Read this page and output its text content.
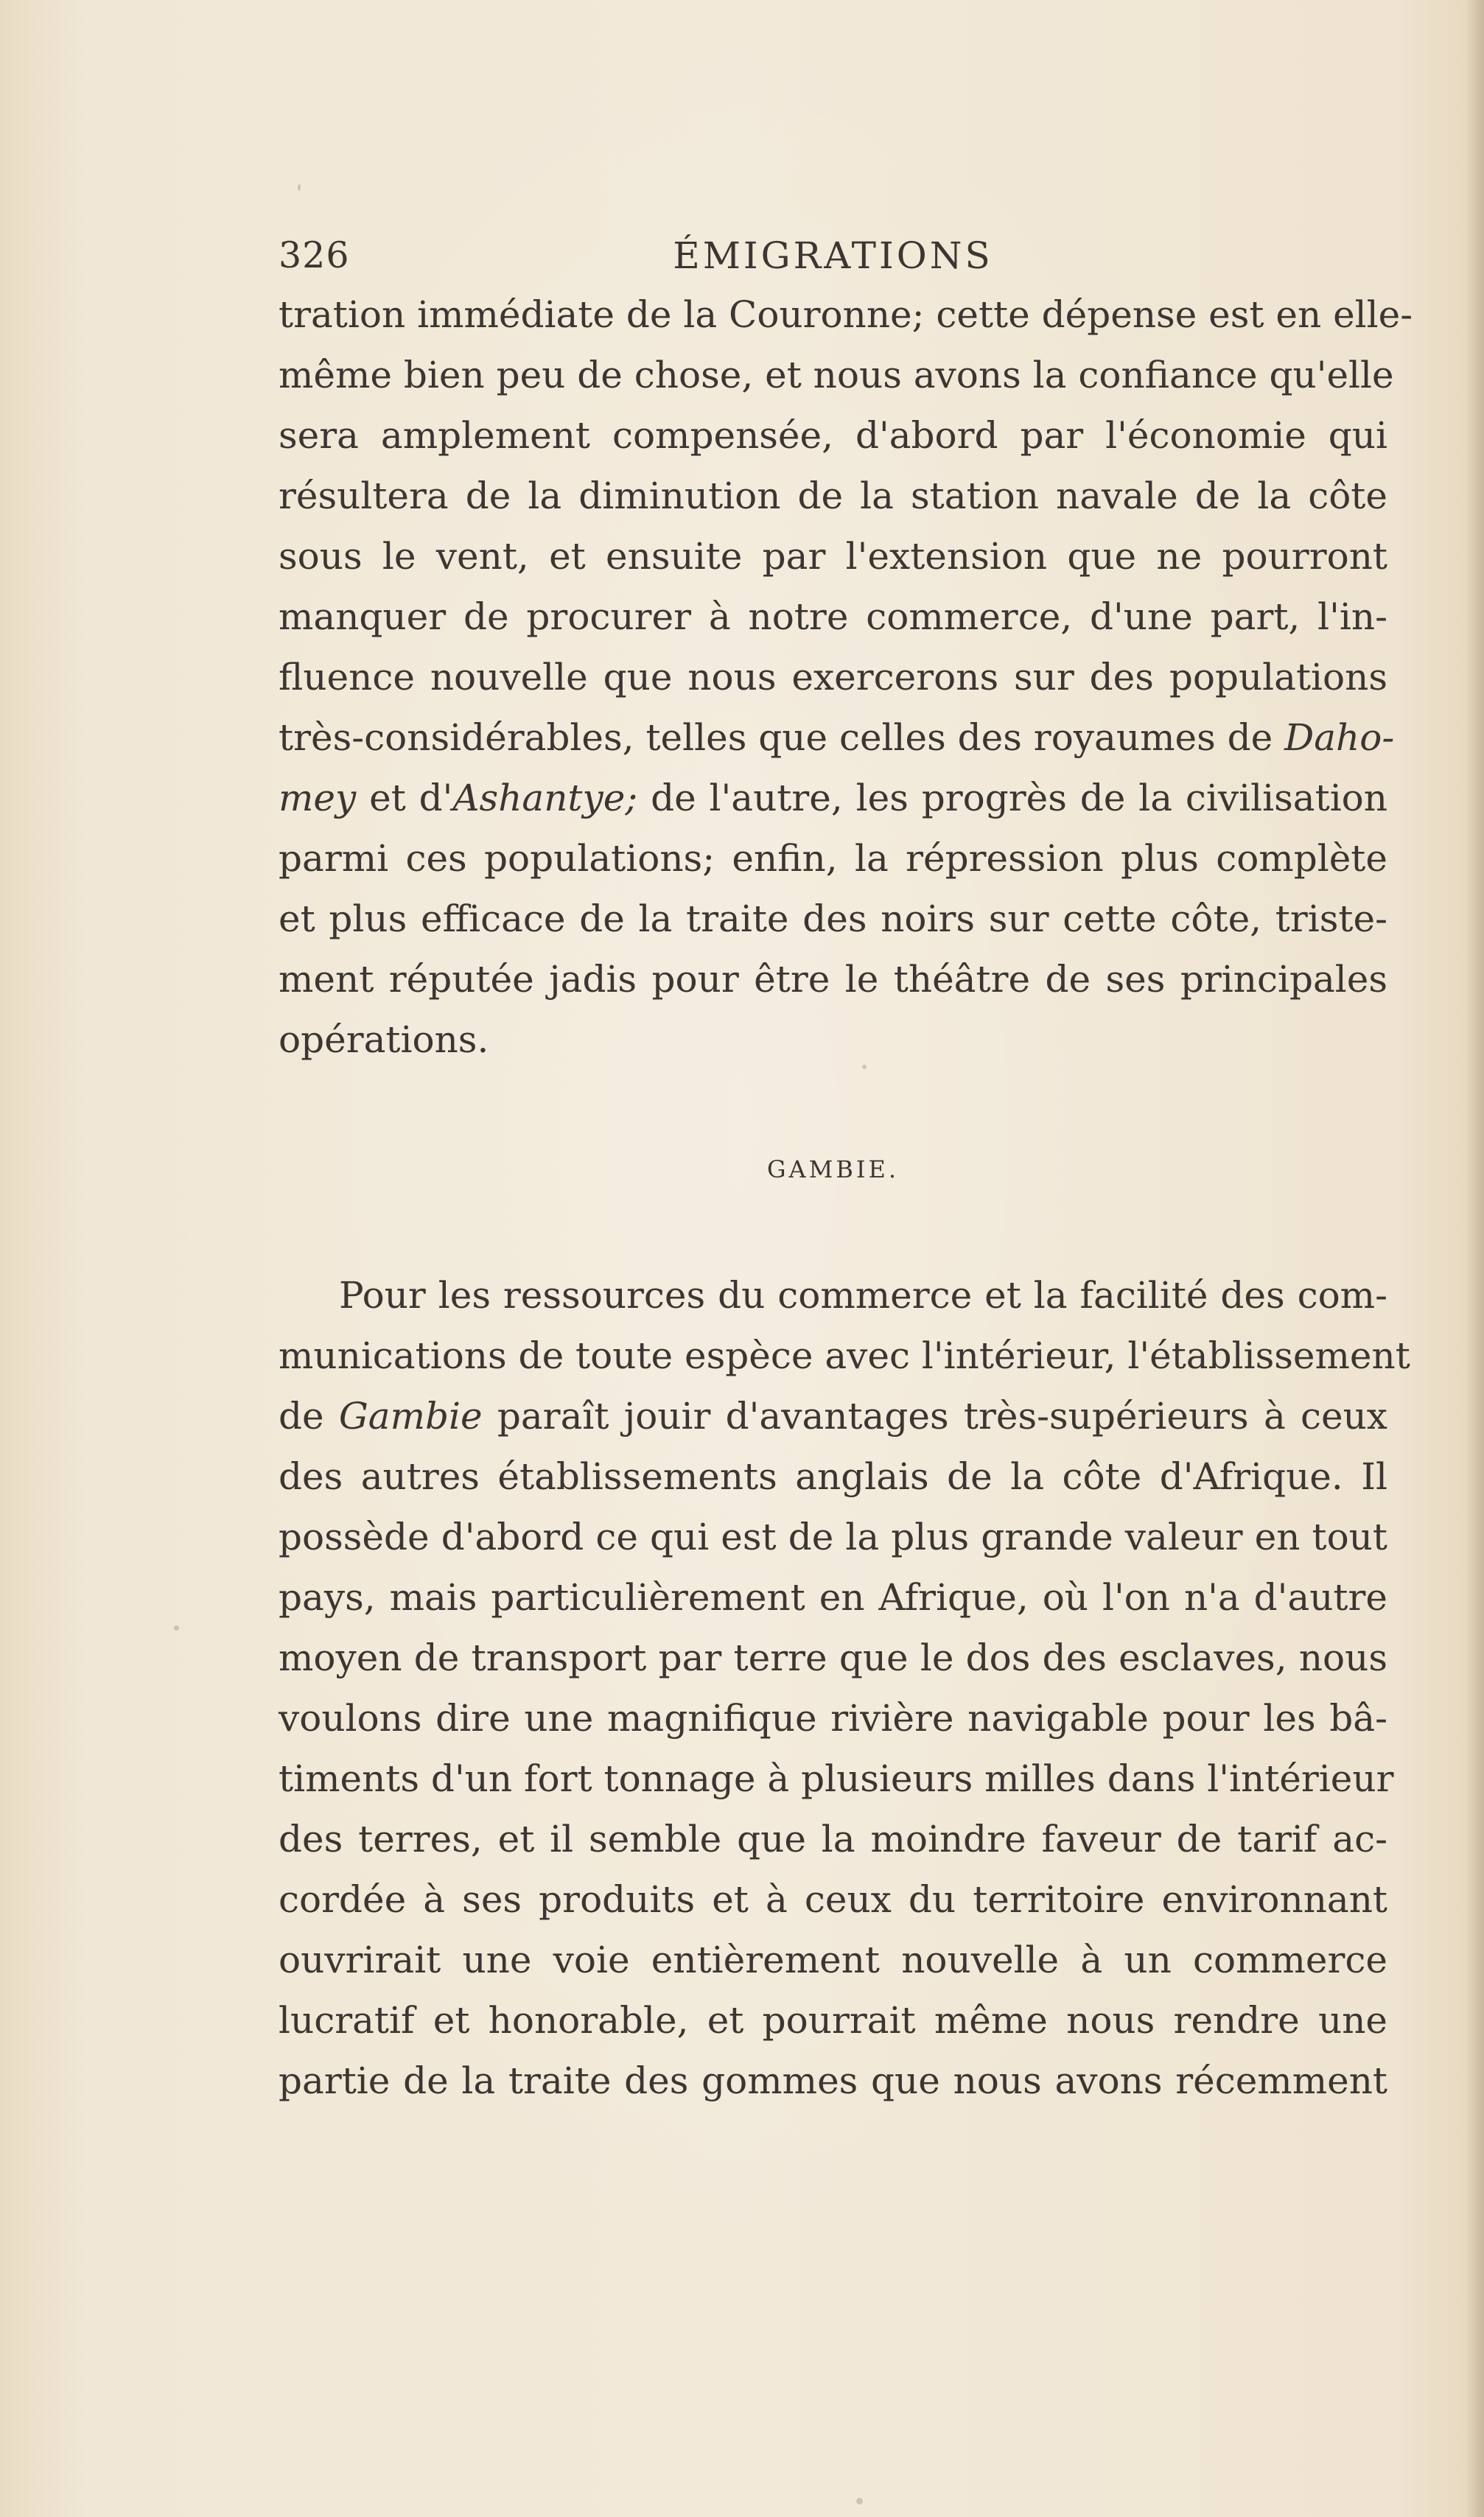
326	ÉMIGRATIONS
tration immédiate de la Couronne; cette dépense est en elle-
même bien peu de chose, et nous avons la confiance qu'elle
sera amplement compensée, d'abord par l'économie qui
résultera de la diminution de la station navale de la côte
sous le vent, et ensuite par l'extension que ne pourront
manquer de procurer à notre commerce, d'une part, l'in-
fluence nouvelle que nous exercerons sur des populations
très-considérables, telles que celles des royaumes de Daho-
mey et d'Ashantye; de l'autre, les progrès de la civilisation
parmi ces populations; enfin, la répression plus complète
et plus efficace de la traite des noirs sur cette côte, triste-
ment réputée jadis pour être le théâtre de ses principales
opérations.
GAMBIE.
Pour les ressources du commerce et la facilité des com-
munications de toute espèce avec l'intérieur, l'établissement
de Gambie paraît jouir d'avantages très-supérieurs à ceux
des autres établissements anglais de la côte d'Afrique. Il
possède d'abord ce qui est de la plus grande valeur en tout
pays, mais particulièrement en Afrique, où l'on n'a d'autre
moyen de transport par terre que le dos des esclaves, nous
voulons dire une magnifique rivière navigable pour les bâ-
timents d'un fort tonnage à plusieurs milles dans l'intérieur
des terres, et il semble que la moindre faveur de tarif ac-
cordée à ses produits et à ceux du territoire environnant
ouvrirait une voie entièrement nouvelle à un commerce
lucratif et honorable, et pourrait même nous rendre une
partie de la traite des gommes que nous avons récemment
